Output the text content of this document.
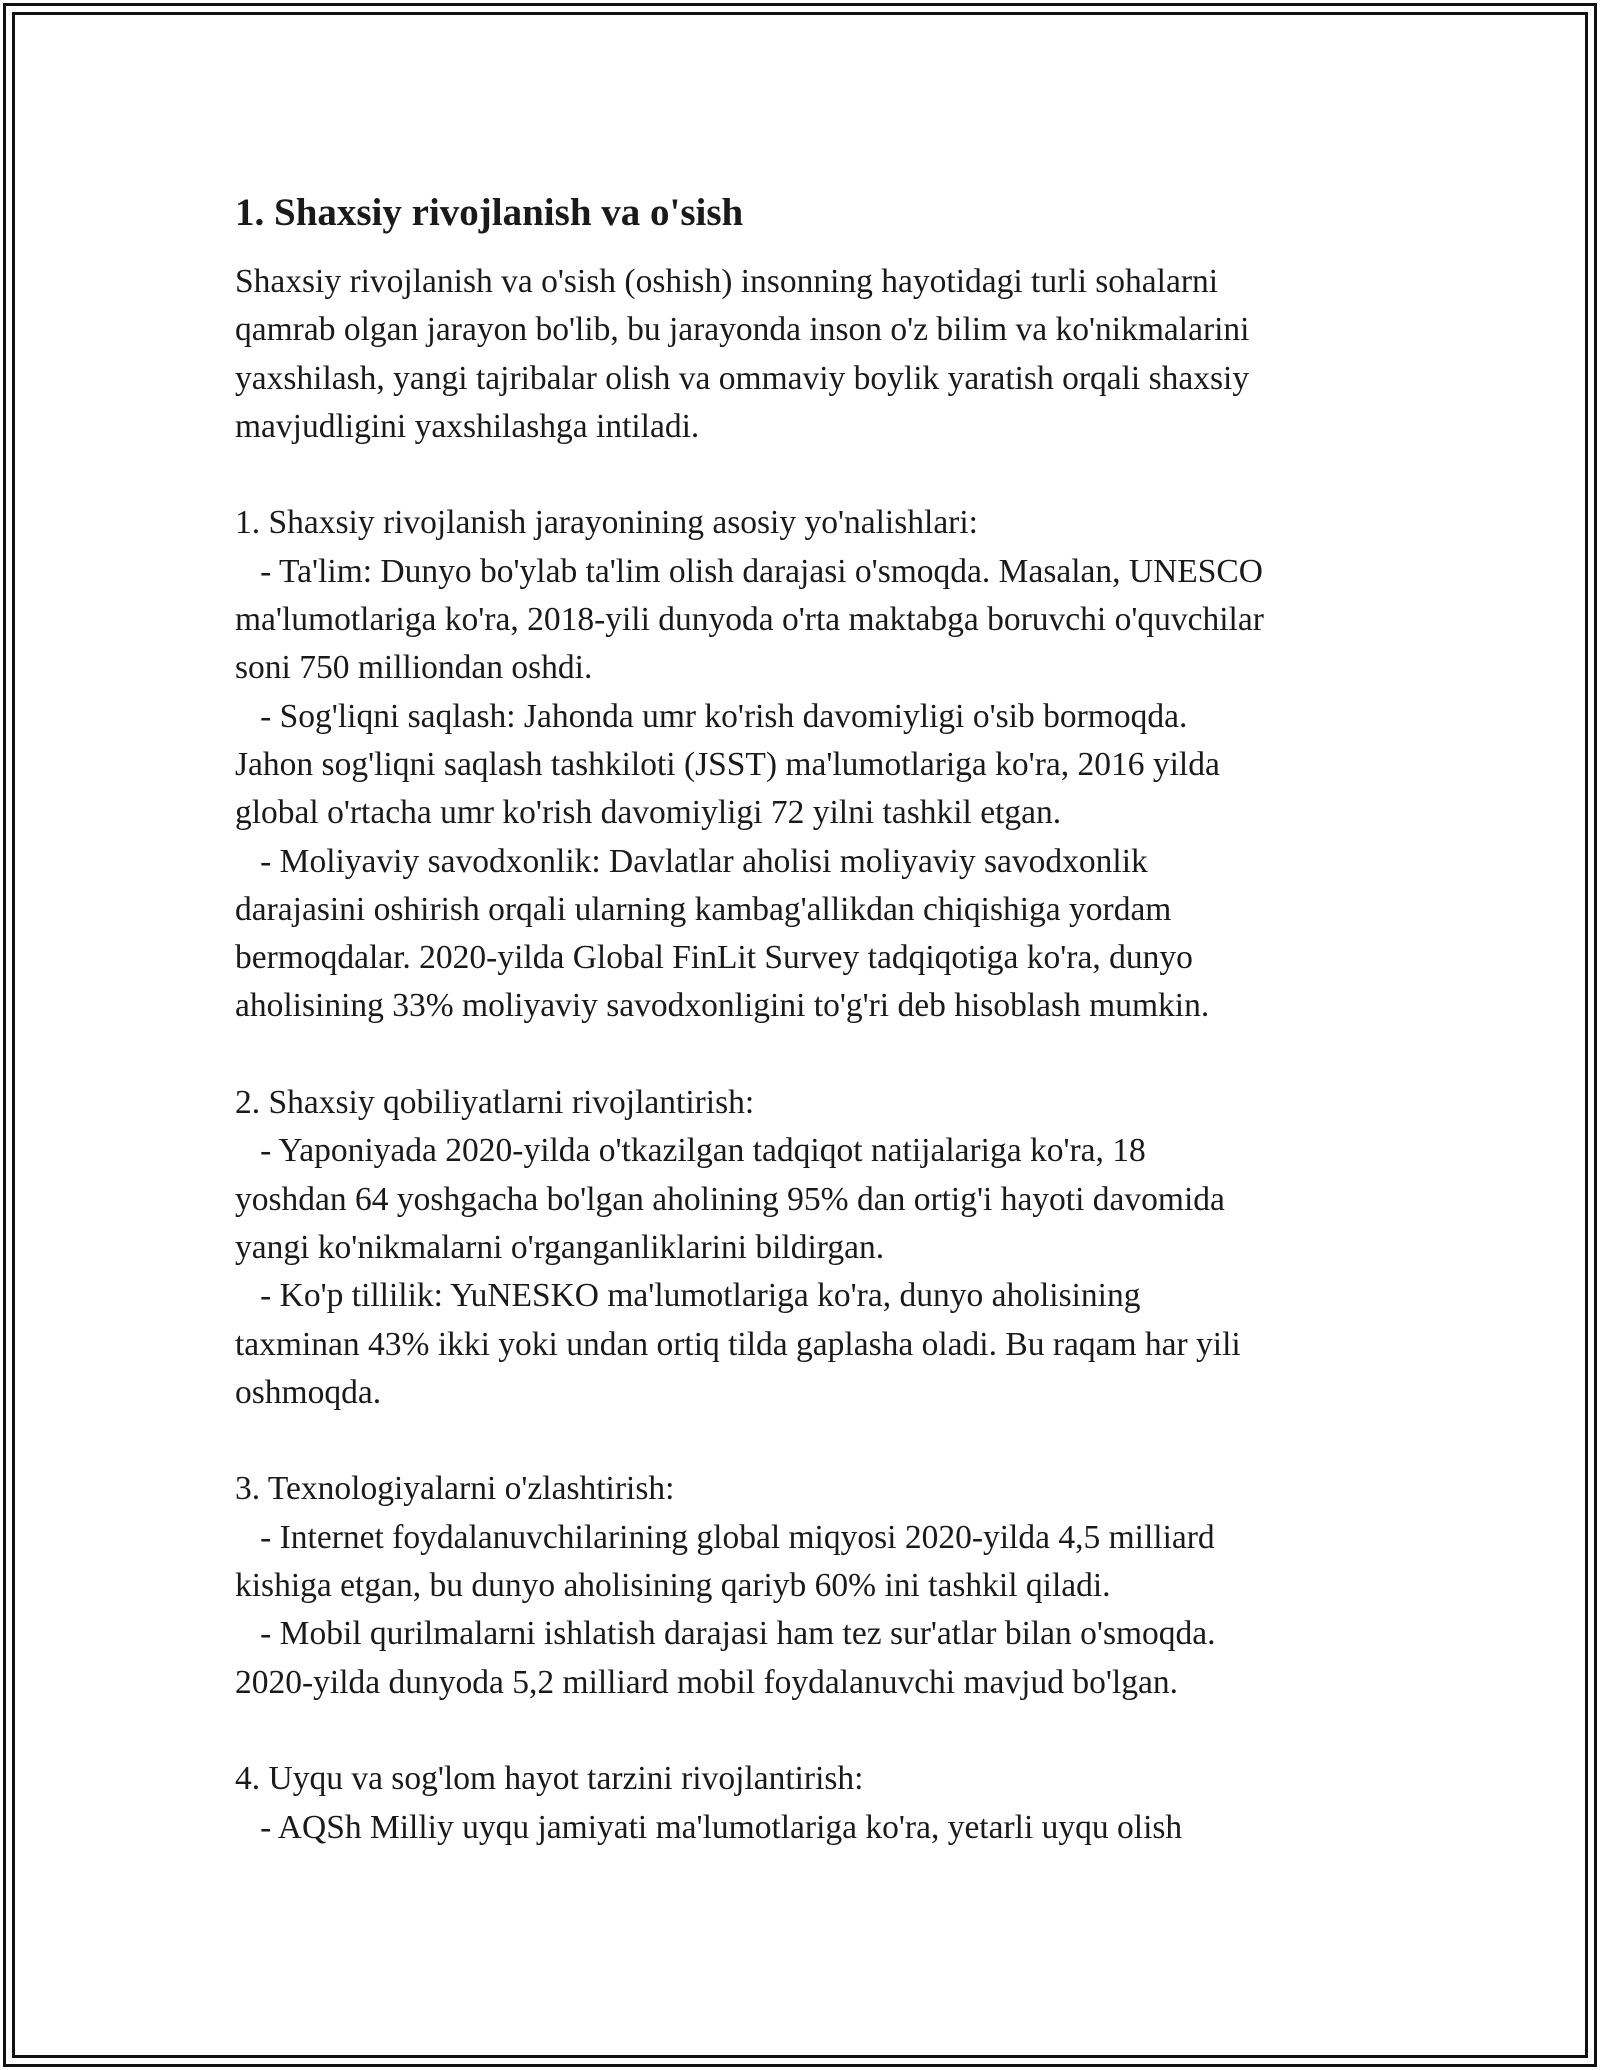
1. Shaxsiy rivojlanish va o'sish
Shaxsiy rivojlanish va o'sish (oshish) insonning hayotidagi turli sohalarni
qamrab olgan jarayon bo'lib, bu jarayonda inson o'z bilim va ko'nikmalarini
yaxshilash, yangi tajribalar olish va ommaviy boylik yaratish orqali shaxsiy
mavjudligini yaxshilashga intiladi.
1. Shaxsiy rivojlanish jarayonining asosiy yo'nalishlari:
- Ta'lim: Dunyo bo'ylab ta'lim olish darajasi o'smoqda. Masalan, UNESCO
ma'lumotlariga ko'ra, 2018-yili dunyoda o'rta maktabga boruvchi o'quvchilar
soni 750 milliondan oshdi.
- Sog'liqni saqlash: Jahonda umr ko'rish davomiyligi o'sib bormoqda.
Jahon sog'liqni saqlash tashkiloti (JSST) ma'lumotlariga ko'ra, 2016 yilda
global o'rtacha umr ko'rish davomiyligi 72 yilni tashkil etgan.
- Moliyaviy savodxonlik: Davlatlar aholisi moliyaviy savodxonlik
darajasini oshirish orqali ularning kambag'allikdan chiqishiga yordam
bermoqdalar. 2020-yilda Global FinLit Survey tadqiqotiga ko'ra, dunyo
aholisining 33% moliyaviy savodxonligini to'g'ri deb hisoblash mumkin.
2. Shaxsiy qobiliyatlarni rivojlantirish:
- Yaponiyada 2020-yilda o'tkazilgan tadqiqot natijalariga ko'ra, 18
yoshdan 64 yoshgacha bo'lgan aholining 95% dan ortig'i hayoti davomida
yangi ko'nikmalarni o'rganganliklarini bildirgan.
- Ko'p tillilik: YuNESKO ma'lumotlariga ko'ra, dunyo aholisining
taxminan 43% ikki yoki undan ortiq tilda gaplasha oladi. Bu raqam har yili
oshmoqda.
3. Texnologiyalarni o'zlashtirish:
- Internet foydalanuvchilarining global miqyosi 2020-yilda 4,5 milliard
kishiga etgan, bu dunyo aholisining qariyb 60% ini tashkil qiladi.
- Mobil qurilmalarni ishlatish darajasi ham tez sur'atlar bilan o'smoqda.
2020-yilda dunyoda 5,2 milliard mobil foydalanuvchi mavjud bo'lgan.
4. Uyqu va sog'lom hayot tarzini rivojlantirish:
- AQSh Milliy uyqu jamiyati ma'lumotlariga ko'ra, yetarli uyqu olish
